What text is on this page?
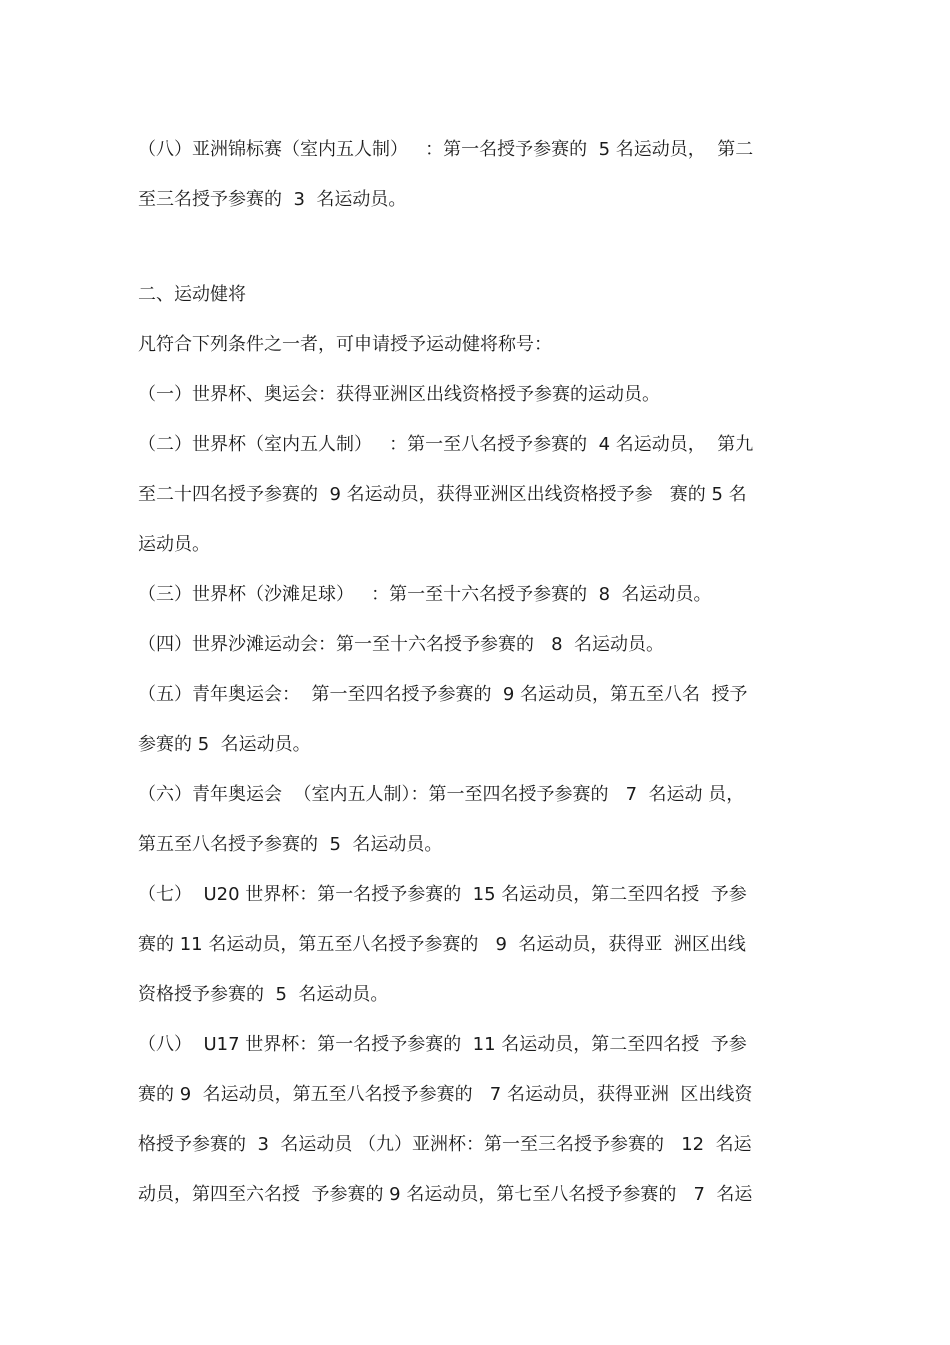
（八）亚洲锦标赛（室内五人制）   ：第一名授予参赛的  5 名运动员，  第二
至三名授予参赛的  3  名运动员。
二、运动健将
凡符合下列条件之一者，可申请授予运动健将称号：
（一）世界杯、奥运会：获得亚洲区出线资格授予参赛的运动员。
（二）世界杯（室内五人制）   ：第一至八名授予参赛的  4 名运动员，  第九
至二十四名授予参赛的  9 名运动员，获得亚洲区出线资格授予参   赛的 5 名
运动员。
（三）世界杯（沙滩足球）   ：第一至十六名授予参赛的  8  名运动员。
（四）世界沙滩运动会：第一至十六名授予参赛的   8  名运动员。
（五）青年奥运会：  第一至四名授予参赛的  9 名运动员，第五至八名  授予
参赛的 5  名运动员。
（六）青年奥运会  （室内五人制）：第一至四名授予参赛的   7  名运动 员，
第五至八名授予参赛的  5  名运动员。
（七）  U20 世界杯：第一名授予参赛的  15 名运动员，第二至四名授  予参
赛的 11 名运动员，第五至八名授予参赛的   9  名运动员，获得亚  洲区出线
资格授予参赛的  5  名运动员。
（八）  U17 世界杯：第一名授予参赛的  11 名运动员，第二至四名授  予参
赛的 9  名运动员，第五至八名授予参赛的   7 名运动员，获得亚洲  区出线资
格授予参赛的  3  名运动员 （九）亚洲杯：第一至三名授予参赛的   12  名运
动员，第四至六名授  予参赛的 9 名运动员，第七至八名授予参赛的   7  名运
